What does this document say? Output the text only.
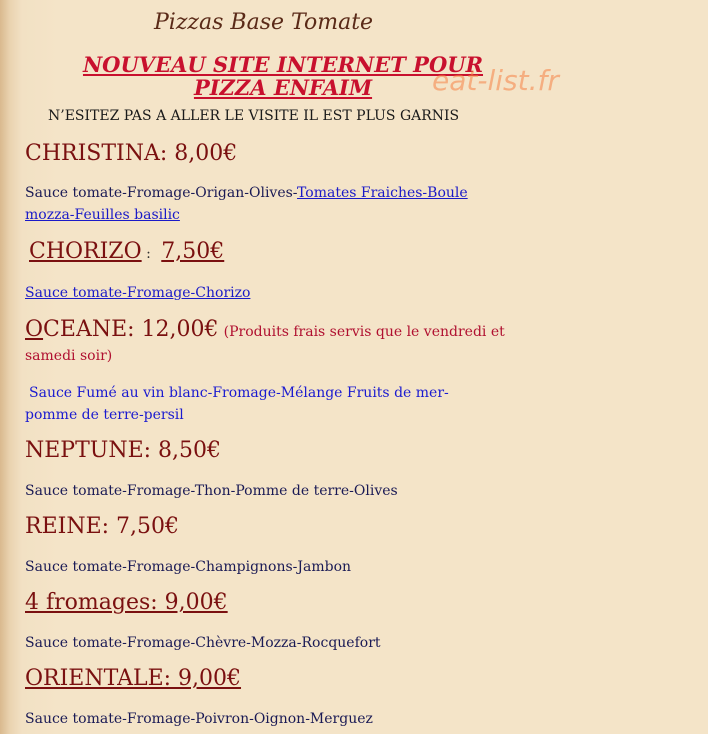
Pizzas Base Tomate
NOUVEAU SITE INTERNET POUR
PIZZA ENFAIM	eat-list.fr
N’ESITEZ PAS A ALLER LE VISITE IL EST PLUS GARNIS
CHRISTINA: 8,00€
Sauce tomate-Fromage-Origan-Olives-Tomates Fraiches-Boule mozza-Feuilles basilic
CHORIZO : 7,50€
Sauce tomate-Fromage-Chorizo
OCEANE: 12,00€ (Produits frais servis que le vendredi et samedi soir)
Sauce Fumé au vin blanc-Fromage-Mélange Fruits de mer-pomme de terre-persil
NEPTUNE: 8,50€
Sauce tomate-Fromage-Thon-Pomme de terre-Olives
REINE: 7,50€
Sauce tomate-Fromage-Champignons-Jambon
4 fromages: 9,00€
Sauce tomate-Fromage-Chèvre-Mozza-Rocquefort
ORIENTALE: 9,00€
Sauce tomate-Fromage-Poivron-Oignon-Merguez
